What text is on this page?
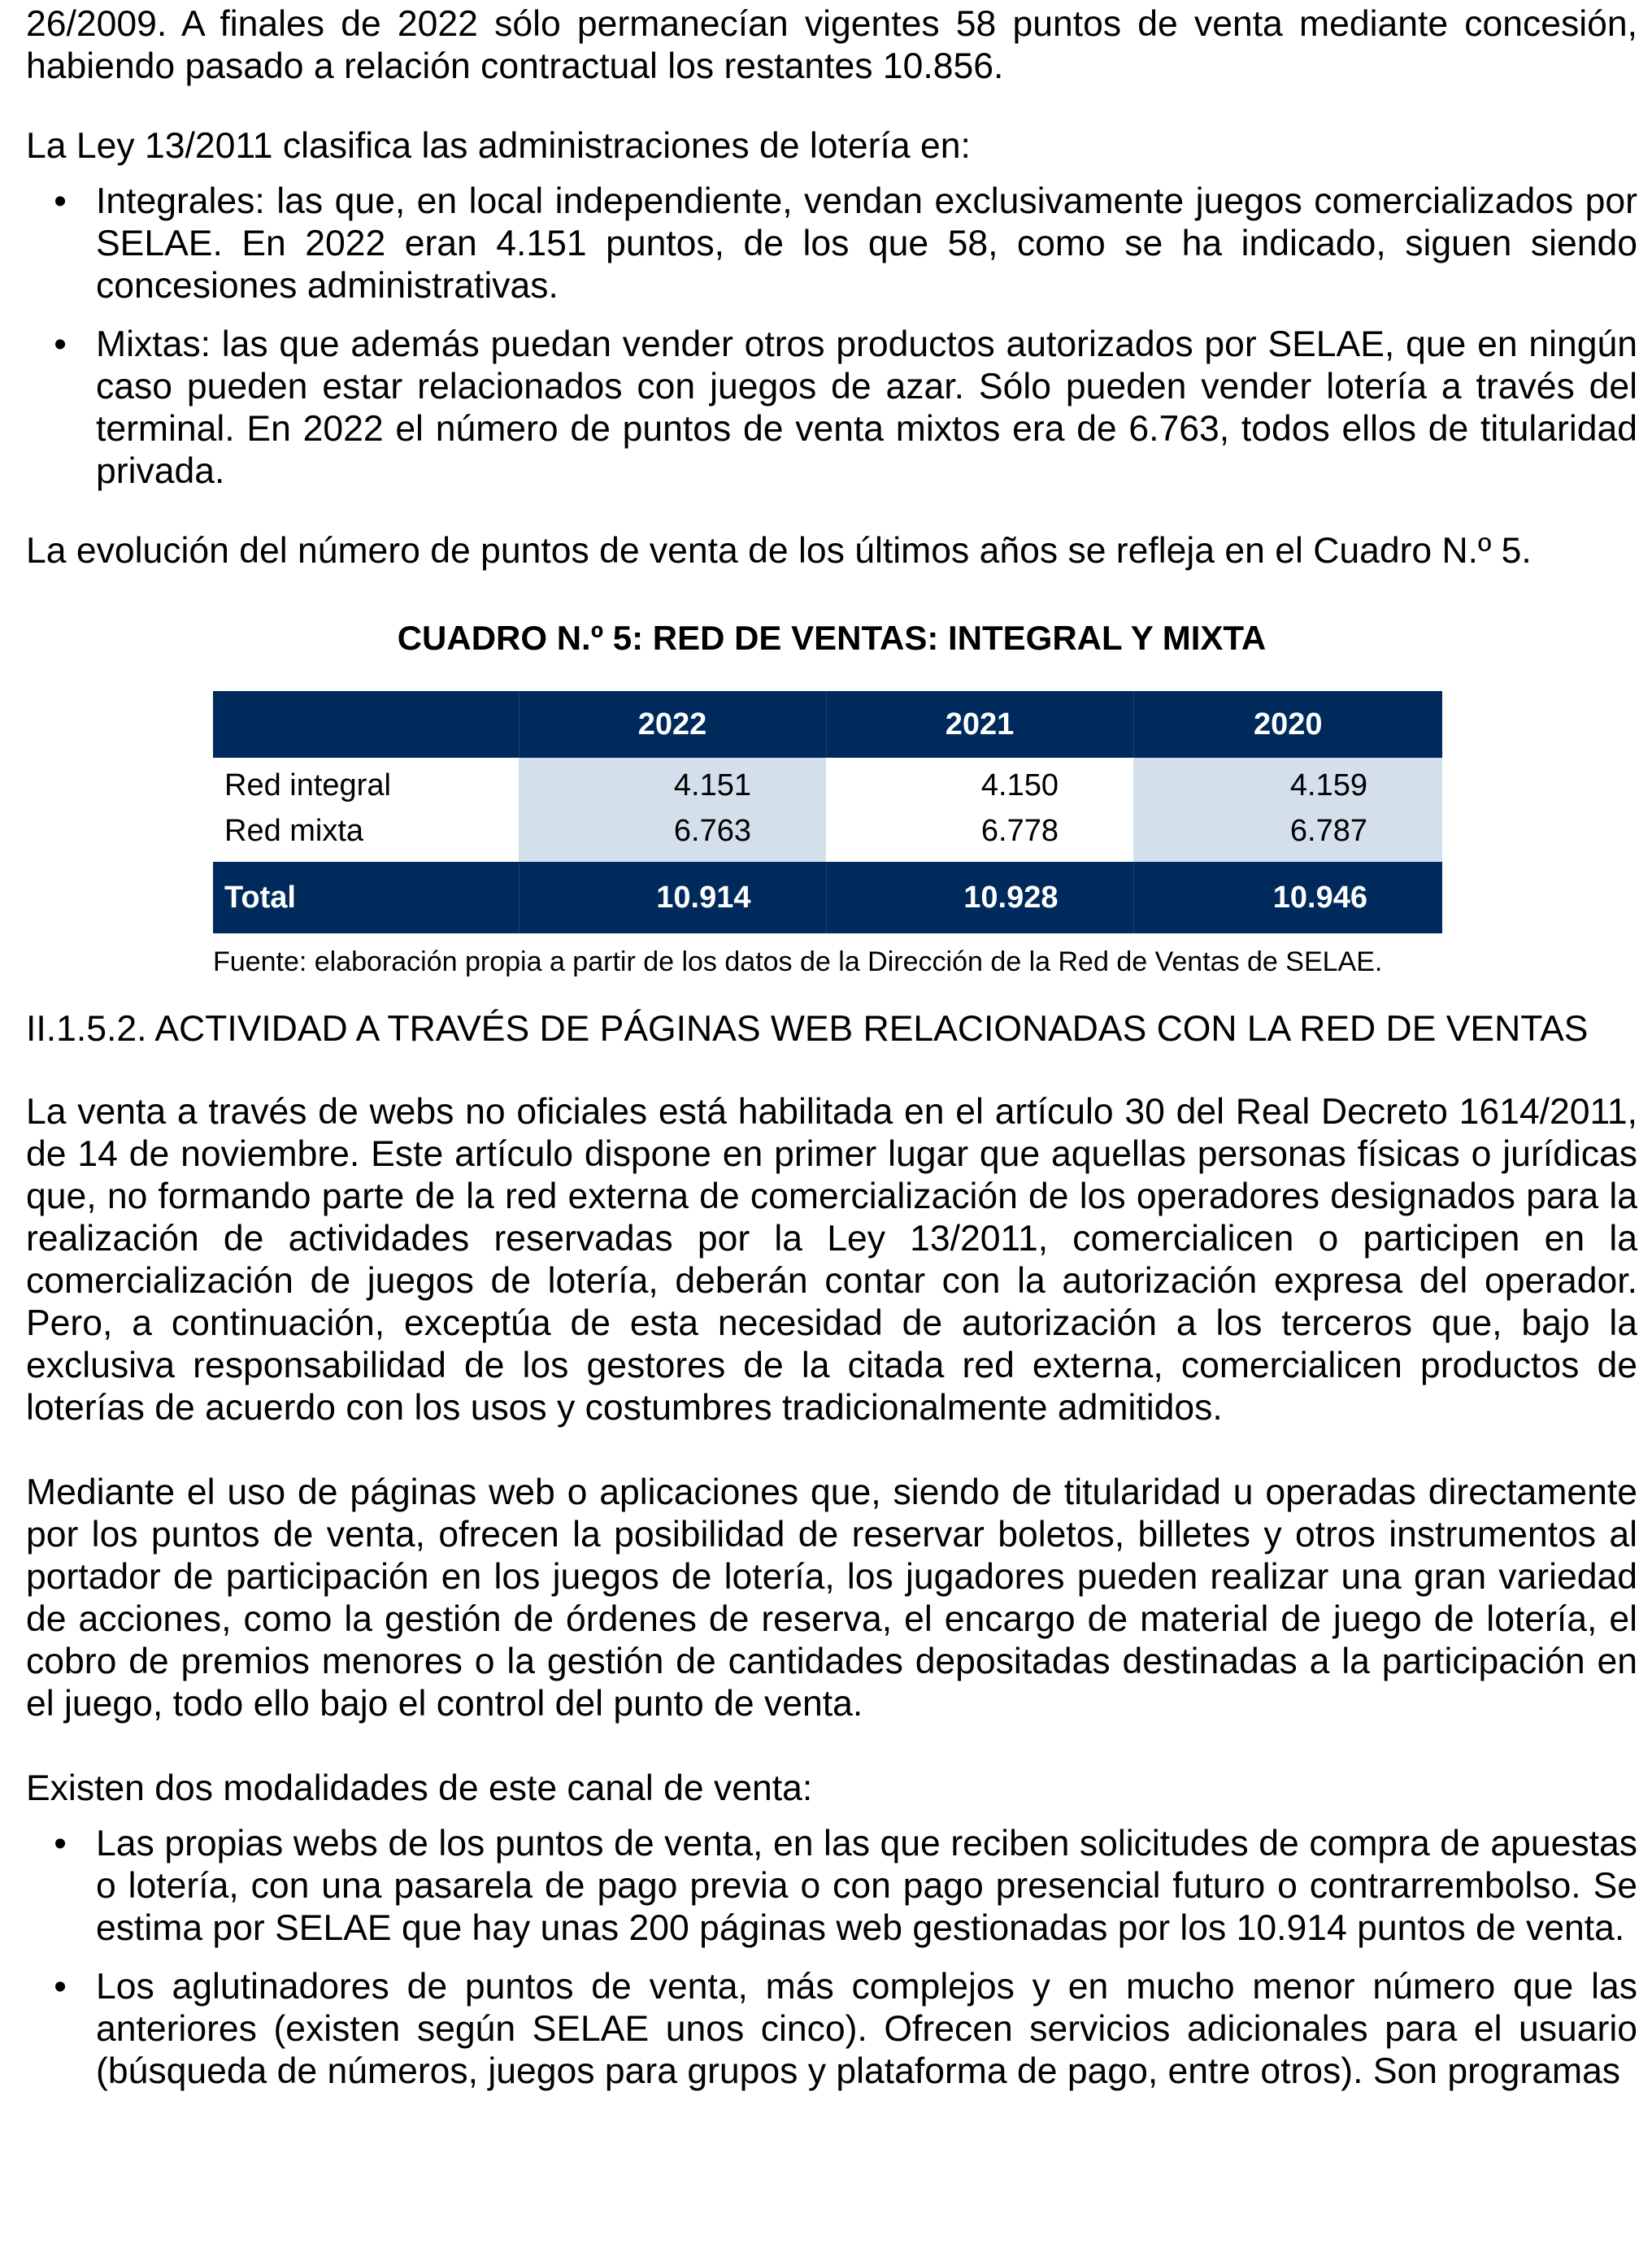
26/2009. A finales de 2022 sólo permanecían vigentes 58 puntos de venta mediante concesión, habiendo pasado a relación contractual los restantes 10.856.

La Ley 13/2011 clasifica las administraciones de lotería en:

• Integrales: las que, en local independiente, vendan exclusivamente juegos comercializados por SELAE. En 2022 eran 4.151 puntos, de los que 58, como se ha indicado, siguen siendo concesiones administrativas.
• Mixtas: las que además puedan vender otros productos autorizados por SELAE, que en ningún caso pueden estar relacionados con juegos de azar. Sólo pueden vender lotería a través del terminal. En 2022 el número de puntos de venta mixtos era de 6.763, todos ellos de titularidad privada.

La evolución del número de puntos de venta de los últimos años se refleja en el Cuadro N.º 5.

CUADRO N.º 5: RED DE VENTAS: INTEGRAL Y MIXTA
	2022	2021	2020
Red integral	4.151	4.150	4.159
Red mixta	6.763	6.778	6.787
Total	10.914	10.928	10.946

Fuente: elaboración propia a partir de los datos de la Dirección de la Red de Ventas de SELAE.

II.1.5.2. ACTIVIDAD A TRAVÉS DE PÁGINAS WEB RELACIONADAS CON LA RED DE VENTAS

La venta a través de webs no oficiales está habilitada en el artículo 30 del Real Decreto 1614/2011, de 14 de noviembre. Este artículo dispone en primer lugar que aquellas personas físicas o jurídicas que, no formando parte de la red externa de comercialización de los operadores designados para la realización de actividades reservadas por la Ley 13/2011, comercialicen o participen en la comercialización de juegos de lotería, deberán contar con la autorización expresa del operador. Pero, a continuación, exceptúa de esta necesidad de autorización a los terceros que, bajo la exclusiva responsabilidad de los gestores de la citada red externa, comercialicen productos de loterías de acuerdo con los usos y costumbres tradicionalmente admitidos.

Mediante el uso de páginas web o aplicaciones que, siendo de titularidad u operadas directamente por los puntos de venta, ofrecen la posibilidad de reservar boletos, billetes y otros instrumentos al portador de participación en los juegos de lotería, los jugadores pueden realizar una gran variedad de acciones, como la gestión de órdenes de reserva, el encargo de material de juego de lotería, el cobro de premios menores o la gestión de cantidades depositadas destinadas a la participación en el juego, todo ello bajo el control del punto de venta.

Existen dos modalidades de este canal de venta:

• Las propias webs de los puntos de venta, en las que reciben solicitudes de compra de apuestas o lotería, con una pasarela de pago previa o con pago presencial futuro o contrarrembolso. Se estima por SELAE que hay unas 200 páginas web gestionadas por los 10.914 puntos de venta.
• Los aglutinadores de puntos de venta, más complejos y en mucho menor número que las anteriores (existen según SELAE unos cinco). Ofrecen servicios adicionales para el usuario (búsqueda de números, juegos para grupos y plataforma de pago, entre otros). Son programas
